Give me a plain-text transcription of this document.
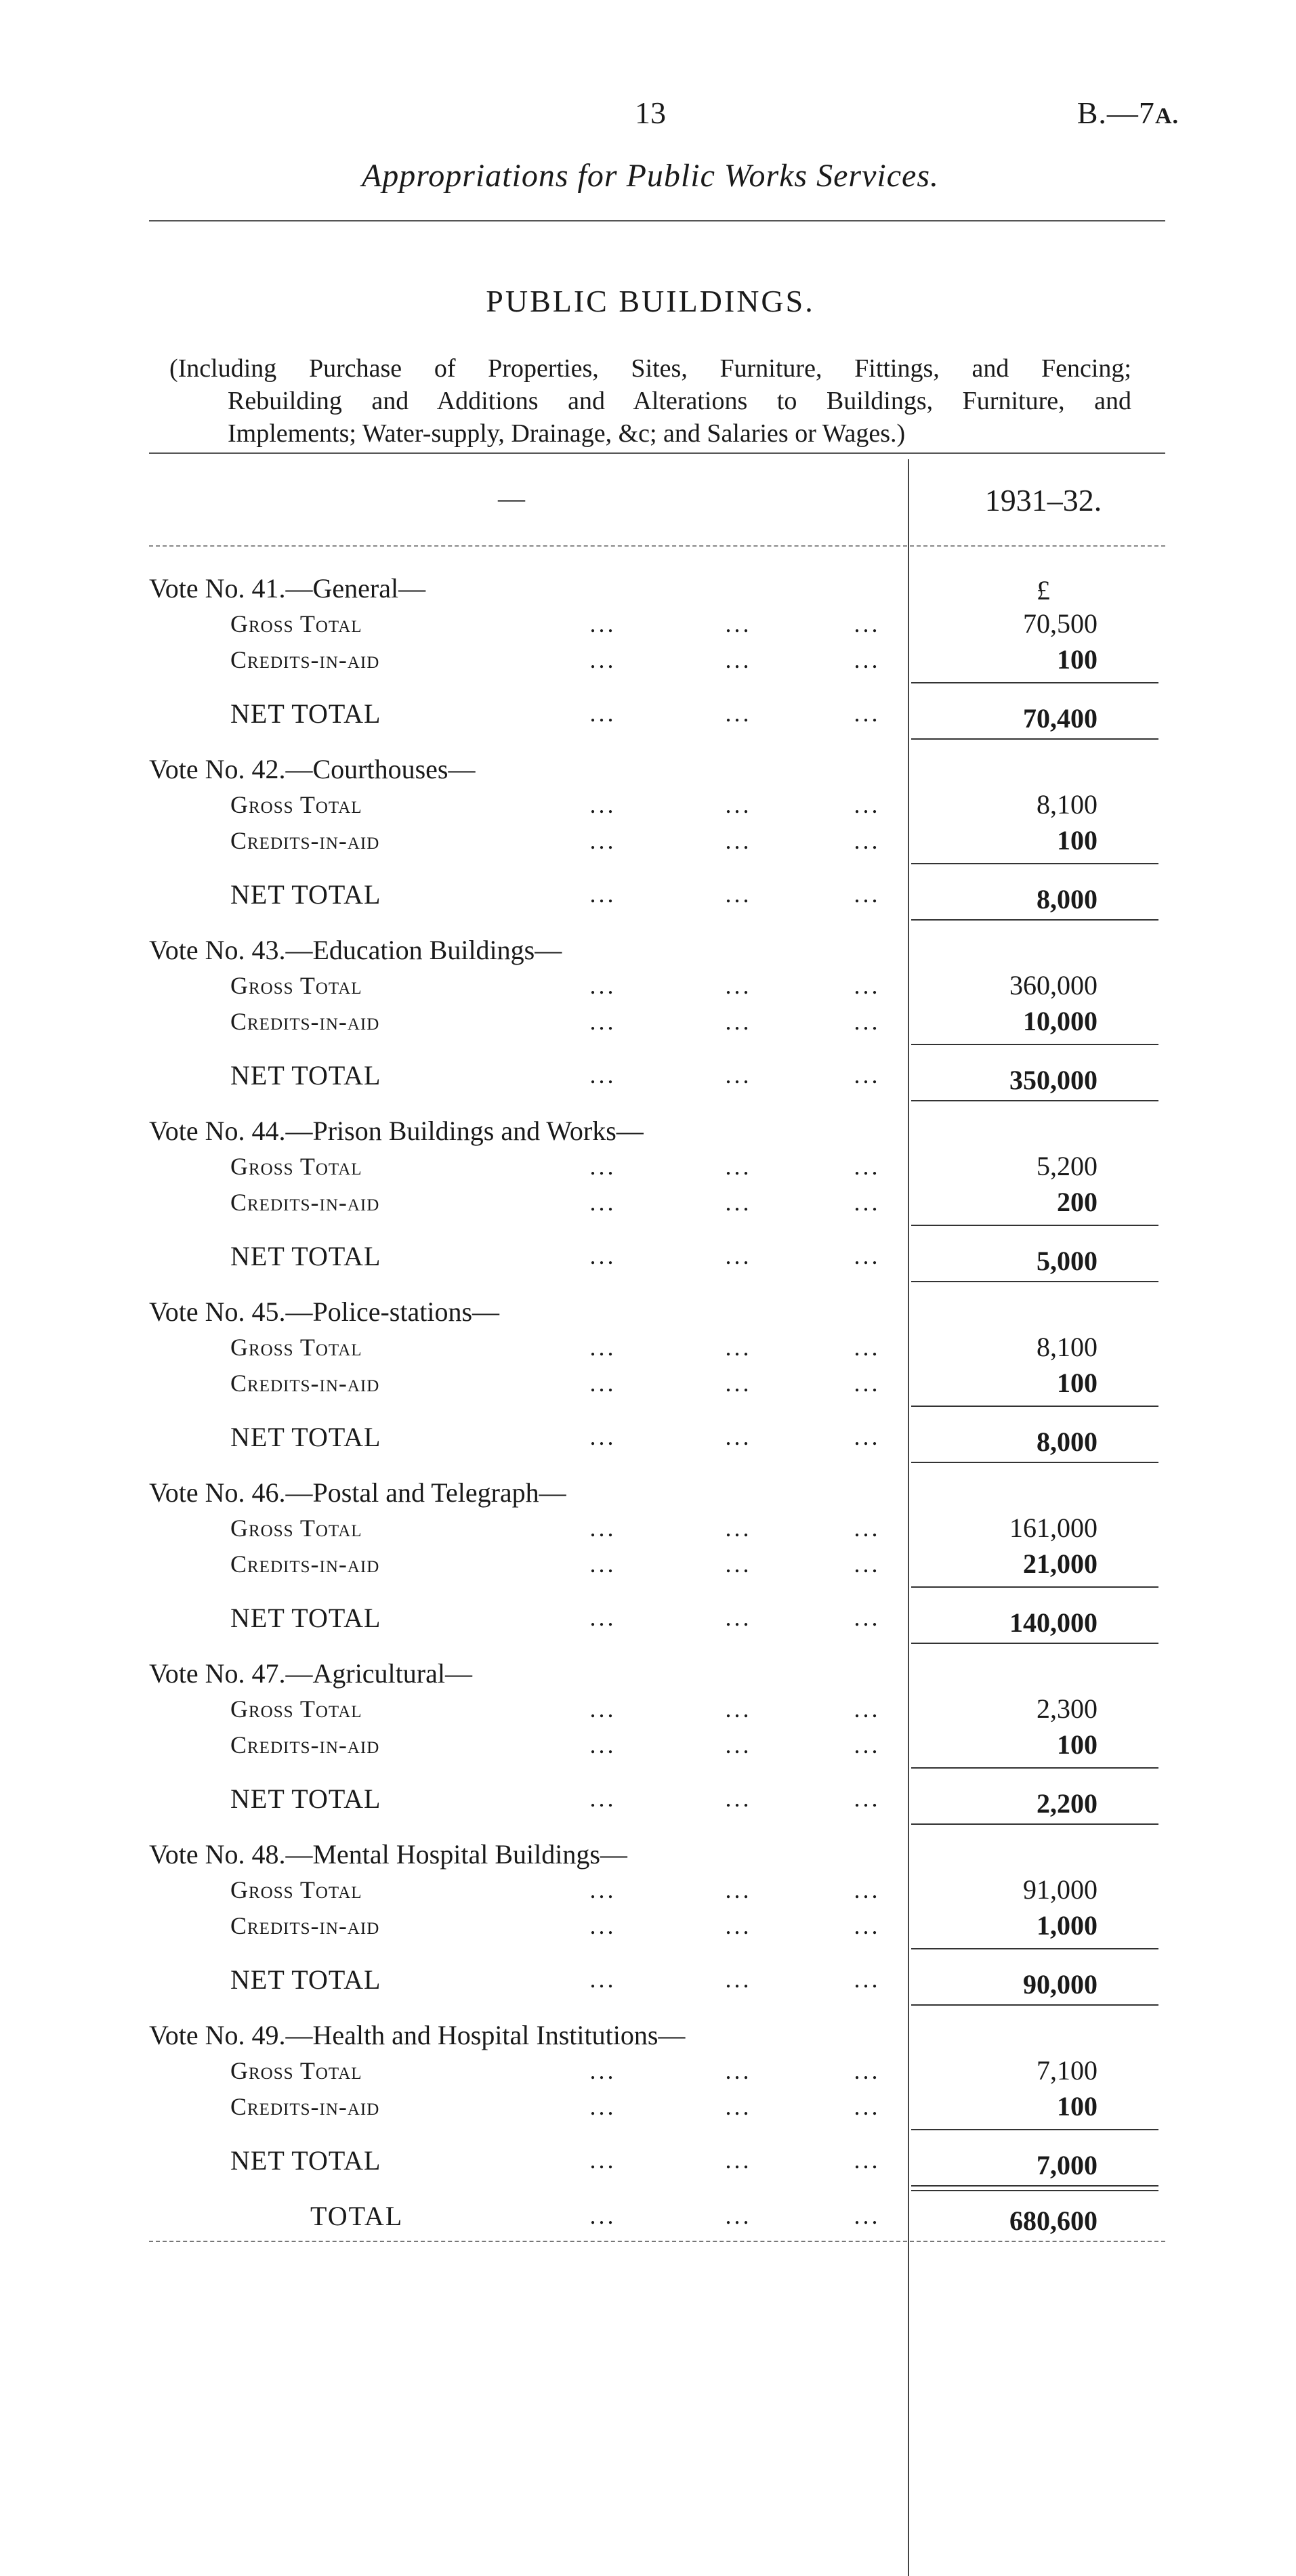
13	B.—7A.
Appropriations for Public Works Services.
PUBLIC BUILDINGS.
(Including Purchase of Properties, Sites, Furniture, Fittings, and Fencing;
Rebuilding and Additions and Alterations to Buildings, Furniture, and
Implements; Water-supply, Drainage, &c; and Salaries or Wages.)
—	1931–32.
£
Vote No. 41.—General—
Gross Total	...	...	...	70,500
Credits-in-aid	...	...	...	100
NET TOTAL	...	...	...	70,400
Vote No. 42.—Courthouses—
Gross Total	...	...	...	8,100
Credits-in-aid	...	...	...	100
NET TOTAL	...	...	...	8,000
Vote No. 43.—Education Buildings—
Gross Total	...	...	...	360,000
Credits-in-aid	...	...	...	10,000
NET TOTAL	...	...	...	350,000
Vote No. 44.—Prison Buildings and Works—
Gross Total	...	...	...	5,200
Credits-in-aid	...	...	...	200
NET TOTAL	...	...	...	5,000
Vote No. 45.—Police-stations—
Gross Total	...	...	...	8,100
Credits-in-aid	...	...	...	100
NET TOTAL	...	...	...	8,000
Vote No. 46.—Postal and Telegraph—
Gross Total	...	...	...	161,000
Credits-in-aid	...	...	...	21,000
NET TOTAL	...	...	...	140,000
Vote No. 47.—Agricultural—
Gross Total	...	...	...	2,300
Credits-in-aid	...	...	...	100
NET TOTAL	...	...	...	2,200
Vote No. 48.—Mental Hospital Buildings—
Gross Total	...	...	...	91,000
Credits-in-aid	...	...	...	1,000
NET TOTAL	...	...	...	90,000
Vote No. 49.—Health and Hospital Institutions—
Gross Total	...	...	...	7,100
Credits-in-aid	...	...	...	100
NET TOTAL	...	...	...	7,000
TOTAL	...	...	...	680,600
